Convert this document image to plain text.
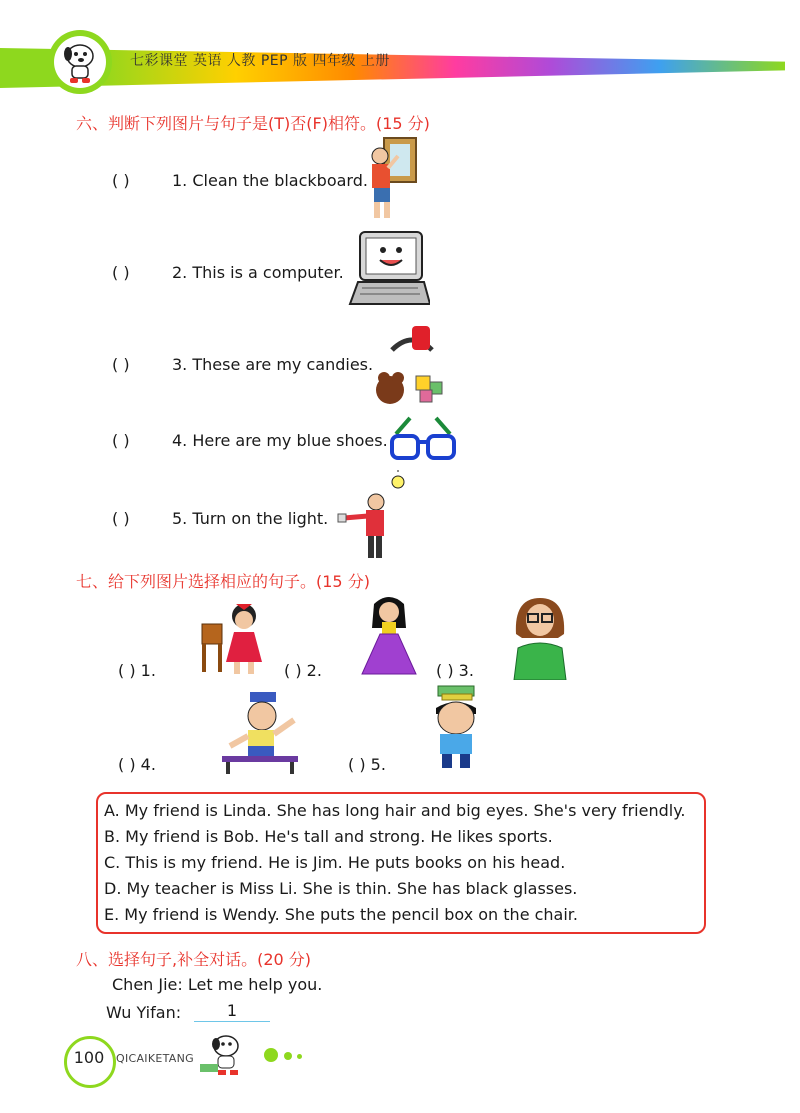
七彩课堂 英语 人教 PEP 版 四年级 上册
六、判断下列图片与句子是(T)否(F)相符。(15 分)
( )	1. Clean the blackboard.
( )	2. This is a computer.
( )	3. These are my candies.
( )	4. Here are my blue shoes.
( )	5. Turn on the light.
七、给下列图片选择相应的句子。(15 分)
( ) 1.	( ) 2.	( ) 3.
( ) 4.	( ) 5.
A. My friend is Linda. She has long hair and big eyes. She's very friendly.
B. My friend is Bob. He's tall and strong. He likes sports.
C. This is my friend. He is Jim. He puts books on his head.
D. My teacher is Miss Li. She is thin. She has black glasses.
E. My friend is Wendy. She puts the pencil box on the chair.
八、选择句子,补全对话。(20 分)
Chen Jie: Let me help you.
Wu Yifan:	1
100	QICAIKETANG
